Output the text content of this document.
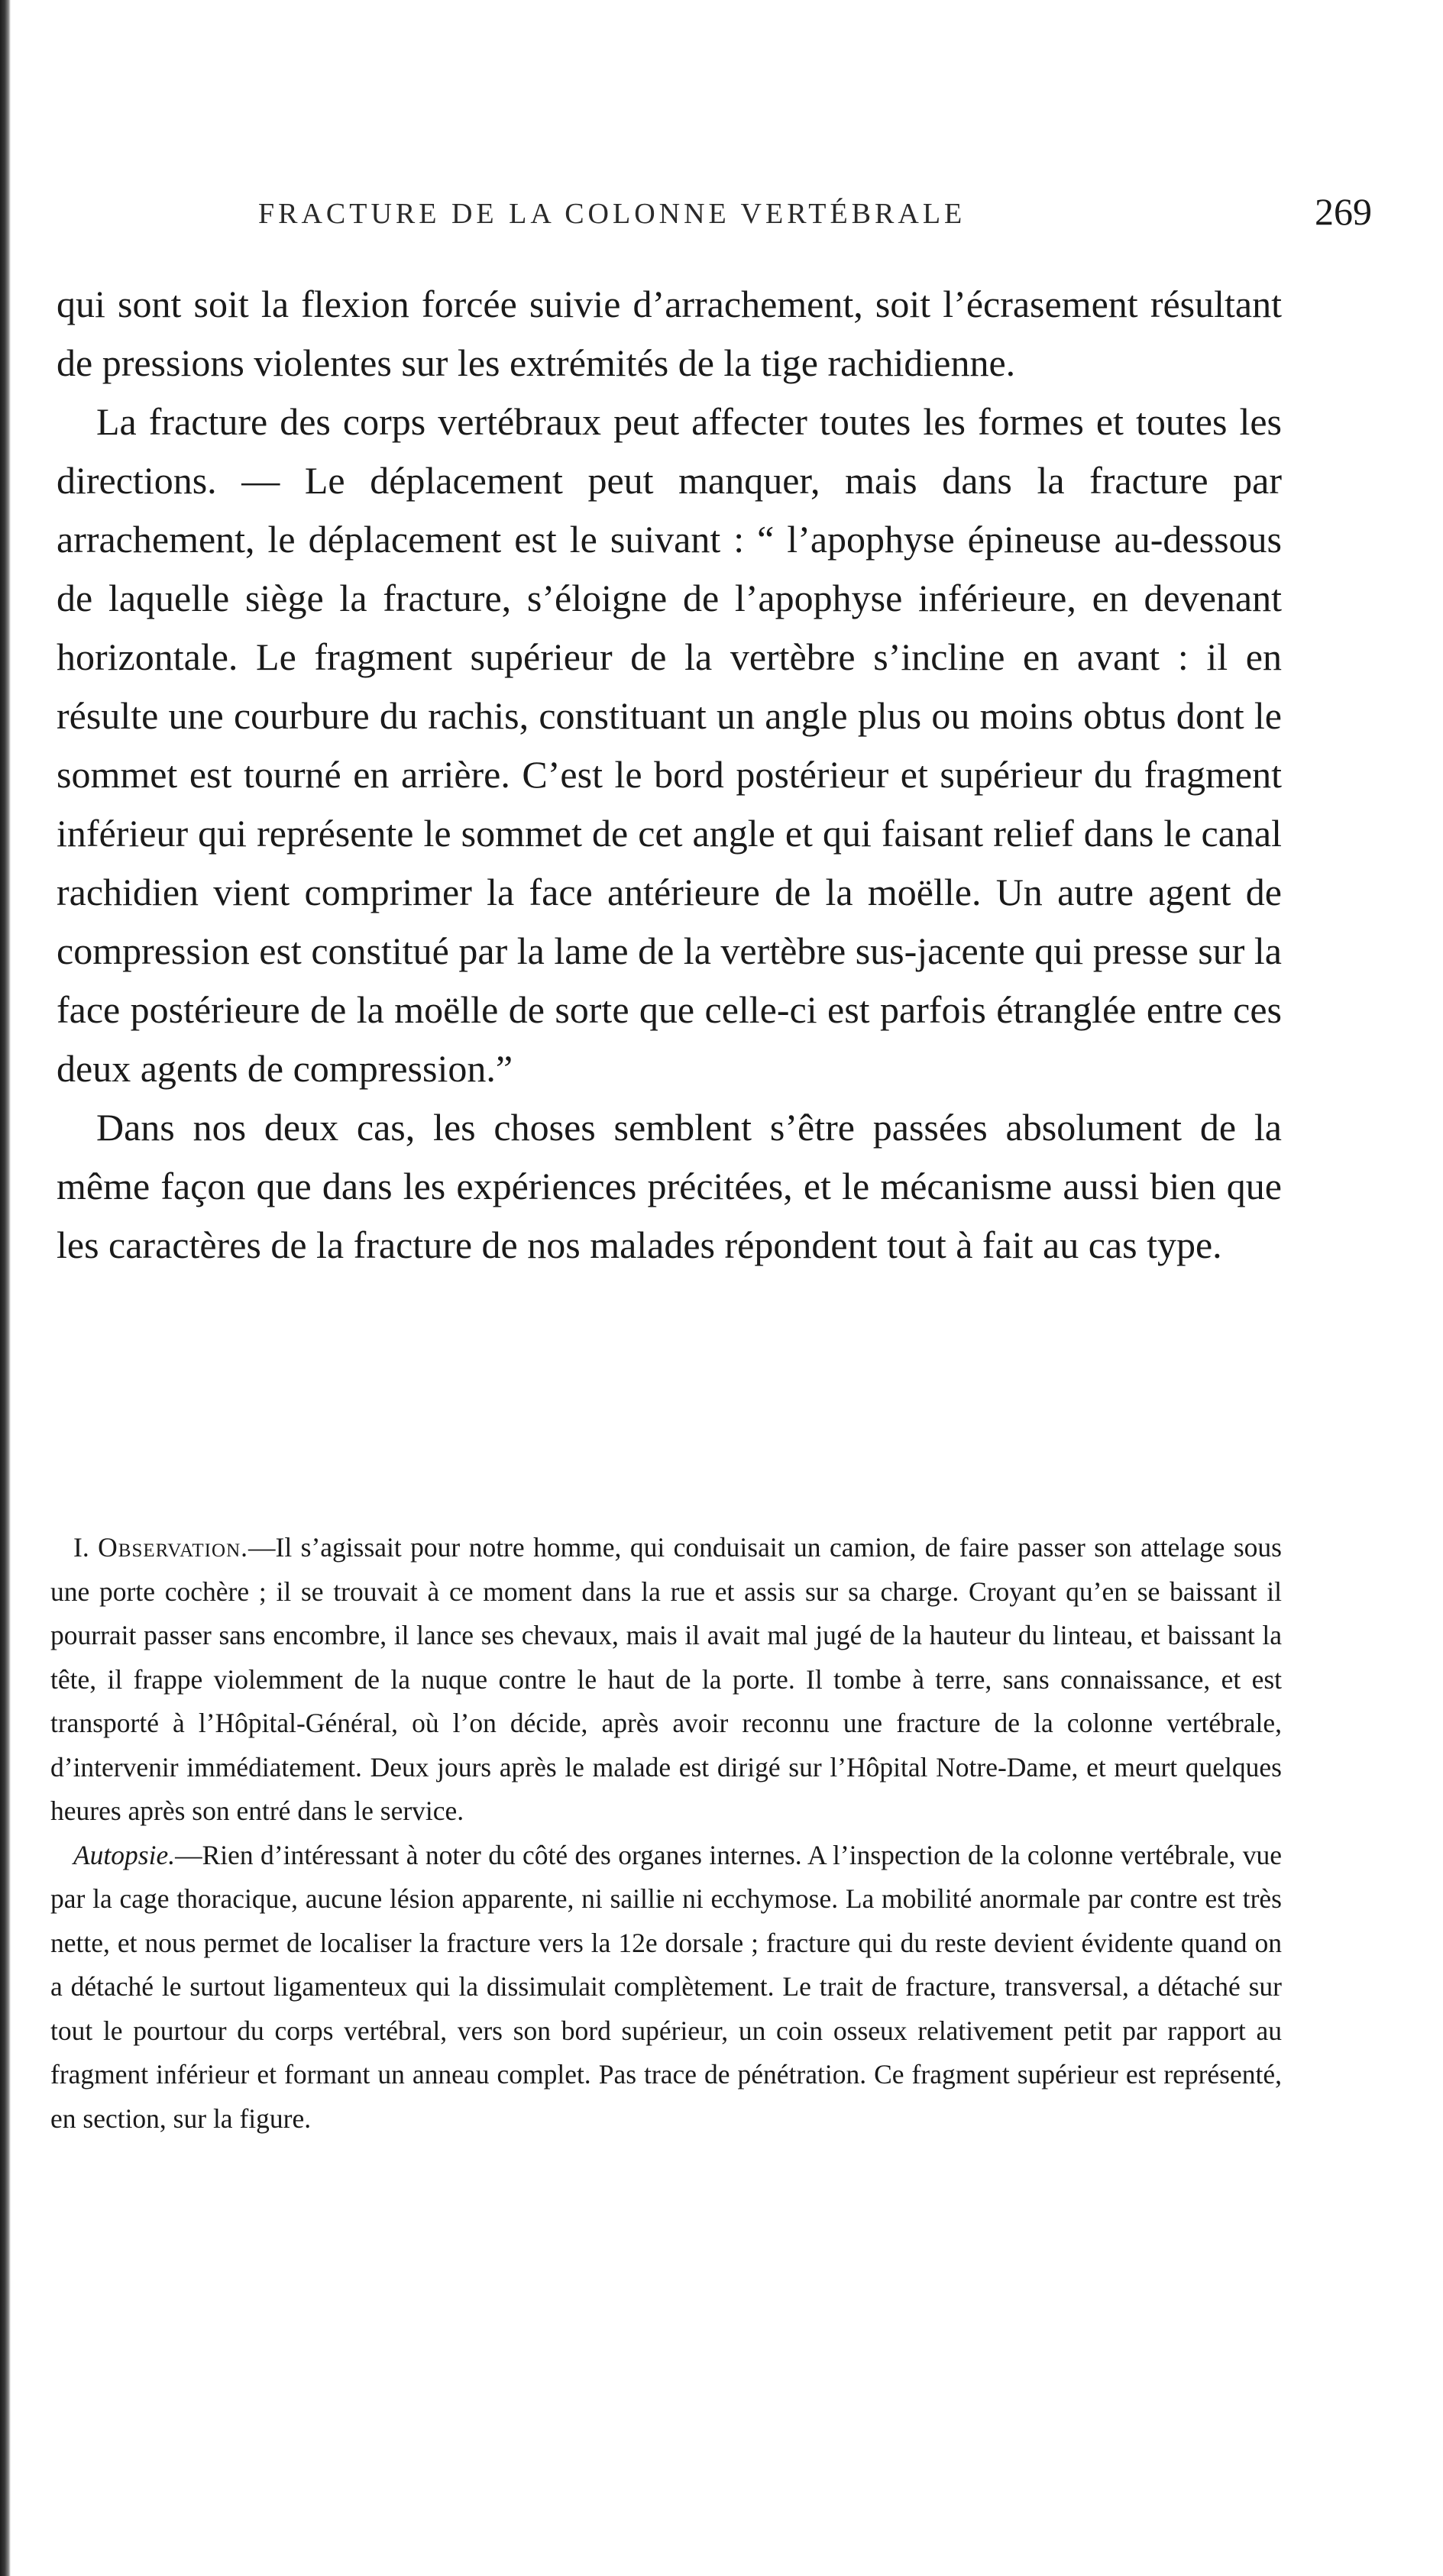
FRACTURE DE LA COLONNE VERTÉBRALE	269

qui sont soit la flexion forcée suivie d’arrachement, soit l’écrasement résultant de pressions violentes sur les extrémités de la tige rachidienne.

La fracture des corps vertébraux peut affecter toutes les formes et toutes les directions. — Le déplacement peut manquer, mais dans la fracture par arrachement, le déplacement est le suivant : “ l’apophyse épineuse au-dessous de laquelle siège la fracture, s’éloigne de l’apophyse inférieure, en devenant horizontale. Le fragment supérieur de la vertèbre s’incline en avant : il en résulte une courbure du rachis, constituant un angle plus ou moins obtus dont le sommet est tourné en arrière. C’est le bord postérieur et supérieur du fragment inférieur qui représente le sommet de cet angle et qui faisant relief dans le canal rachidien vient comprimer la face antérieure de la moëlle. Un autre agent de compression est constitué par la lame de la vertèbre sus-jacente qui presse sur la face postérieure de la moëlle de sorte que celle-ci est parfois étranglée entre ces deux agents de compression.”

Dans nos deux cas, les choses semblent s’être passées absolument de la même façon que dans les expériences précitées, et le mécanisme aussi bien que les caractères de la fracture de nos malades répondent tout à fait au cas type.

I. Observation.—Il s’agissait pour notre homme, qui conduisait un camion, de faire passer son attelage sous une porte cochère ; il se trouvait à ce moment dans la rue et assis sur sa charge. Croyant qu’en se baissant il pourrait passer sans encombre, il lance ses chevaux, mais il avait mal jugé de la hauteur du linteau, et baissant la tête, il frappe violemment de la nuque contre le haut de la porte. Il tombe à terre, sans connaissance, et est transporté à l’Hôpital-Général, où l’on décide, après avoir reconnu une fracture de la colonne vertébrale, d’intervenir immédiatement. Deux jours après le malade est dirigé sur l’Hôpital Notre-Dame, et meurt quelques heures après son entré dans le service.

Autopsie.—Rien d’intéressant à noter du côté des organes internes. A l’inspection de la colonne vertébrale, vue par la cage thoracique, aucune lésion apparente, ni saillie ni ecchymose. La mobilité anormale par contre est très nette, et nous permet de localiser la fracture vers la 12e dorsale ; fracture qui du reste devient évidente quand on a détaché le surtout ligamenteux qui la dissimulait complètement. Le trait de fracture, transversal, a détaché sur tout le pourtour du corps vertébral, vers son bord supérieur, un coin osseux relativement petit par rapport au fragment inférieur et formant un anneau complet. Pas trace de pénétration. Ce fragment supérieur est représenté, en section, sur la figure.
